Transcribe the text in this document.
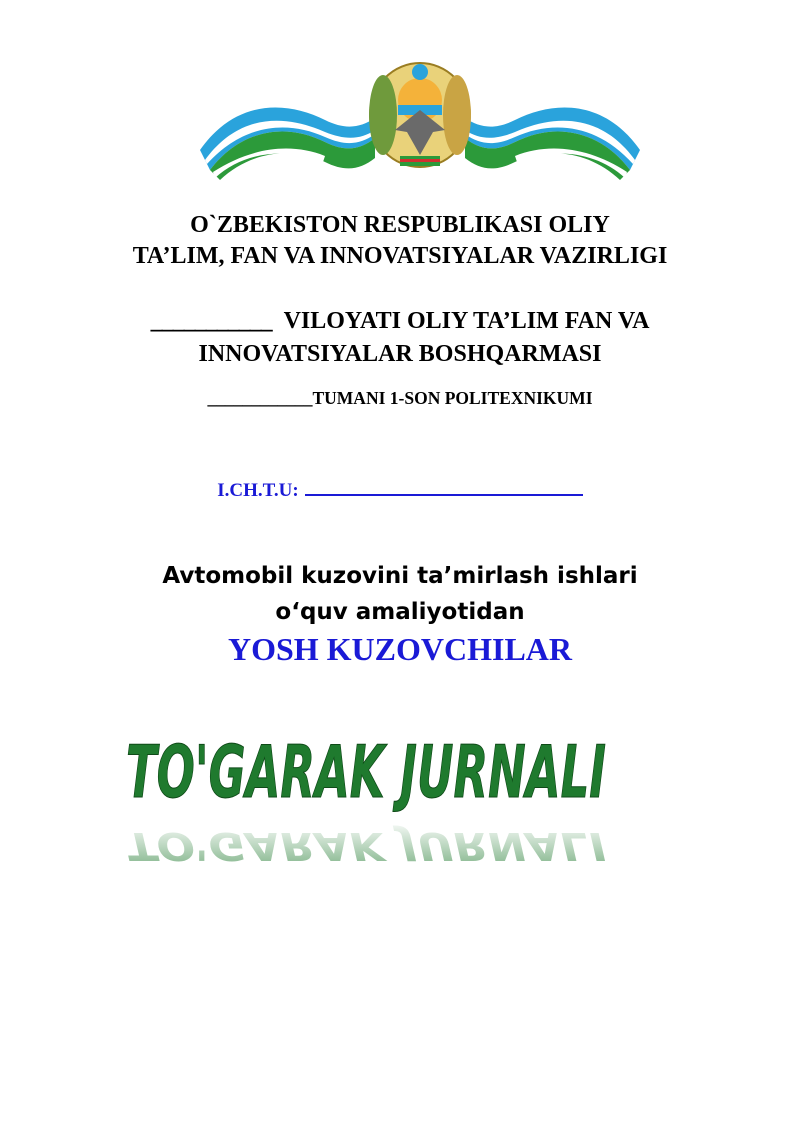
O`ZBEKISTON RESPUBLIKASI OLIY
TA’LIM, FAN VA INNOVATSIYALAR VAZIRLIGI
___________ VILOYATI OLIY TA’LIM FAN VA
INNOVATSIYALAR BOSHQARMASI
____________TUMANI 1-SON POLITEXNIKUMI
I.CH.T.U:
Avtomobil kuzovini ta’mirlash ishlari
o‘quv amaliyotidan
YOSH KUZOVCHILAR
TO'GARAK JURNALI
TO'GARAK JURNALI
